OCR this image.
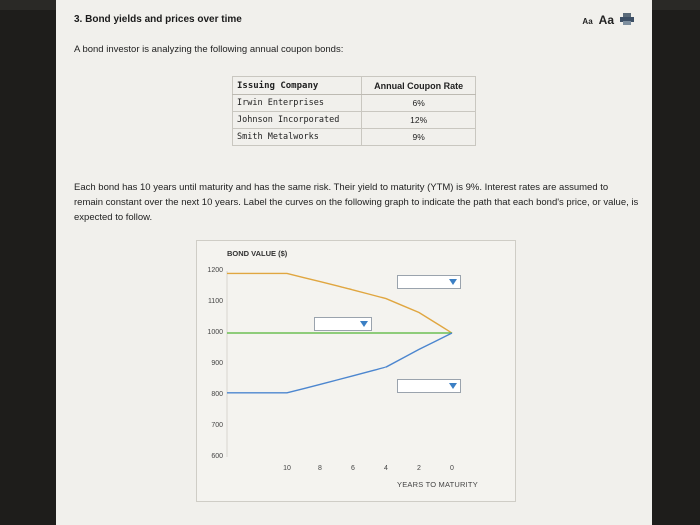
3. Bond yields and prices over time	Aa Aa
A bond investor is analyzing the following annual coupon bonds:
Issuing Company	Annual Coupon Rate
Irwin Enterprises	6%
Johnson Incorporated	12%
Smith Metalworks	9%
Each bond has 10 years until maturity and has the same risk. Their yield to maturity (YTM) is 9%. Interest rates are assumed to remain constant over the next 10 years. Label the curves on the following graph to indicate the path that each bond's price, or value, is expected to follow.
BOND VALUE ($)
1200
1100
1000
900
800
700
600
10	8	6	4	2	0
YEARS TO MATURITY
